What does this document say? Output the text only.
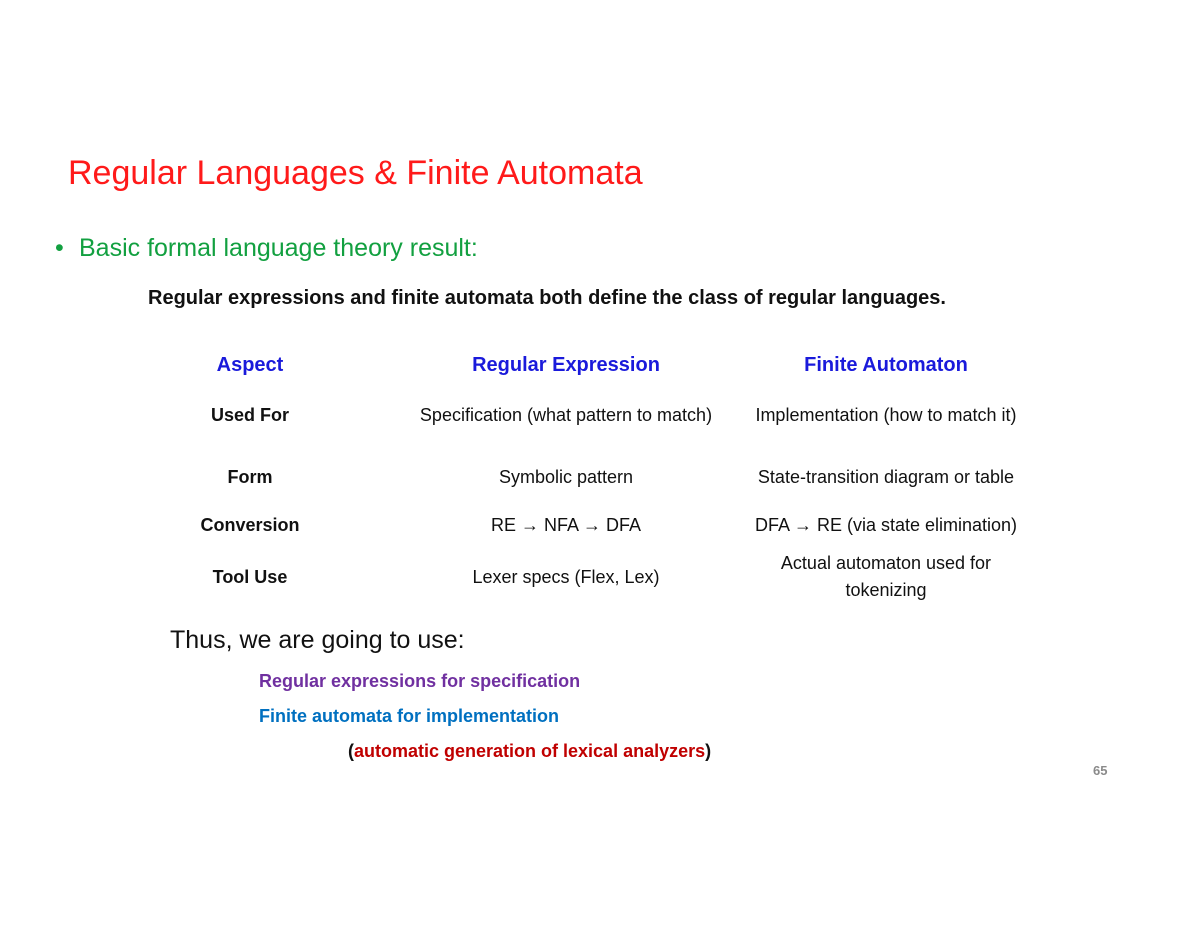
Regular Languages & Finite Automata
• Basic formal language theory result:
Regular expressions and finite automata both define the class of regular languages.
Aspect	Regular Expression	Finite Automaton
Used For	Specification (what pattern to match)	Implementation (how to match it)
Form	Symbolic pattern	State-transition diagram or table
Conversion	RE → NFA → DFA	DFA → RE (via state elimination)
Tool Use	Lexer specs (Flex, Lex)	Actual automaton used for tokenizing
Thus, we are going to use:
Regular expressions for specification
Finite automata for implementation
(automatic generation of lexical analyzers)
65
